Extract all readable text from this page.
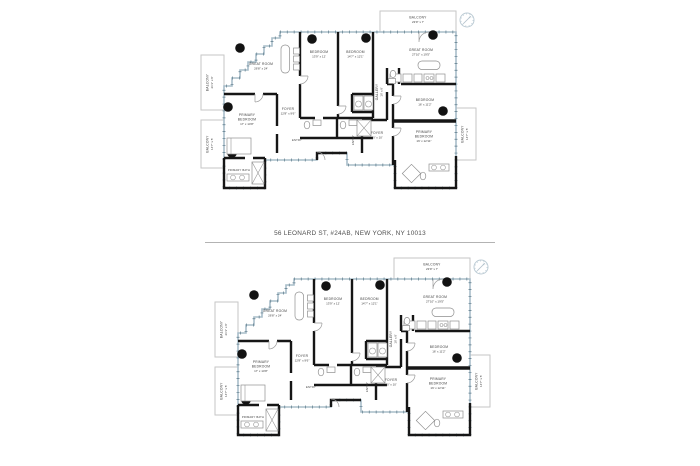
BALCONY
23'9" x 7'
GREAT ROOM
26'8" x 24'
BEDROOM
13'9" x 12'
BEDROOM
14'7" x 12'1"
GREAT ROOM
27'10" x 19'5"
BALCONY 21'3" x 8'
PRIMARY
BEDROOM
17' x 14'8"
FOYER
12'8" x 9'6"
ENTRY
GALLERY 16' x 8'
FOYER
10' x 10'
ENTRY
BEDROOM
16' x 11'2"
PRIMARY
BEDROOM
16' x 12'11"	BALCONY 14'7" x 5'
BALCONY 14'7" x 5'
PRIMARY BATH
56 LEONARD ST, #24AB, NEW YORK, NY 10013
BALCONY
23'9" x 7'
GREAT ROOM
26'8" x 24'
BEDROOM
13'9" x 12'
BEDROOM
14'7" x 12'1"
GREAT ROOM
27'10" x 19'5"
BALCONY 21'3" x 8'
PRIMARY
BEDROOM
17' x 14'8"
FOYER
12'8" x 9'6"
ENTRY
GALLERY 16' x 8'
FOYER
10' x 10'
ENTRY
BEDROOM
16' x 11'2"
PRIMARY
BEDROOM
16' x 12'11"	BALCONY 14'7" x 5'
BALCONY 14'7" x 5'
PRIMARY BATH
